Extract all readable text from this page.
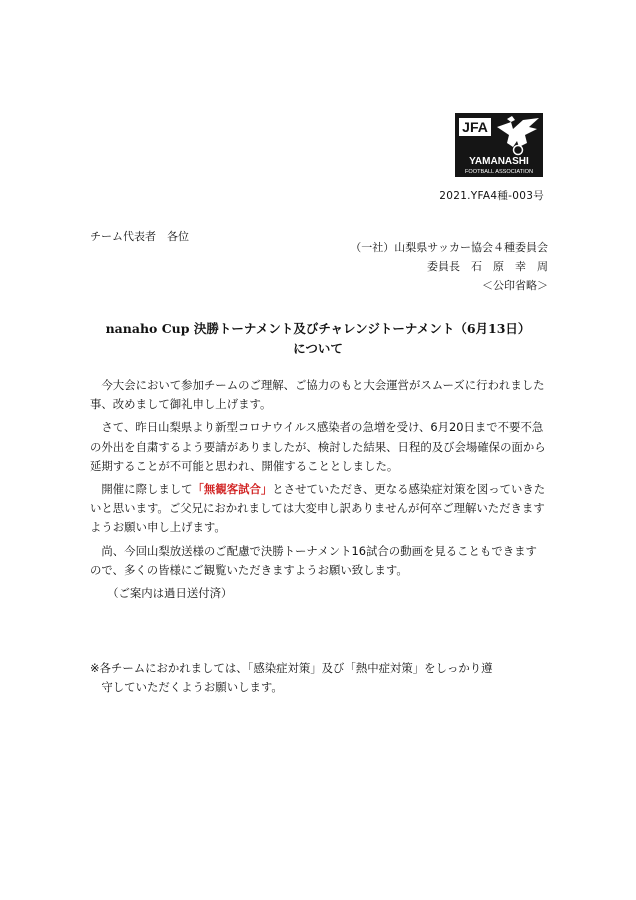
JFA
YAMANASHI
FOOTBALL ASSOCIATION
2021.YFA4種-003号
チーム代表者　各位
（一社）山梨県サッカー協会４種委員会
委員長　石　原　幸　周
＜公印省略＞
nanaho Cup 決勝トーナメント及びチャレンジトーナメント（6月13日）
について

今大会において参加チームのご理解、ご協力のもと大会運営がスムーズに行われました事、改めまして御礼申し上げます。

さて、昨日山梨県より新型コロナウイルス感染者の急増を受け、6月20日まで不要不急の外出を自粛するよう要請がありましたが、検討した結果、日程的及び会場確保の面から延期することが不可能と思われ、開催することとしました。

開催に際しまして「無観客試合」とさせていただき、更なる感染症対策を図っていきたいと思います。ご父兄におかれましては大変申し訳ありませんが何卒ご理解いただきますようお願い申し上げます。

尚、今回山梨放送様のご配慮で決勝トーナメント16試合の動画を見ることもできますので、多くの皆様にご観覧いただきますようお願い致します。

（ご案内は過日送付済）

※各チームにおかれましては、「感染症対策」及び「熱中症対策」をしっかり遵

守していただくようお願いします。
